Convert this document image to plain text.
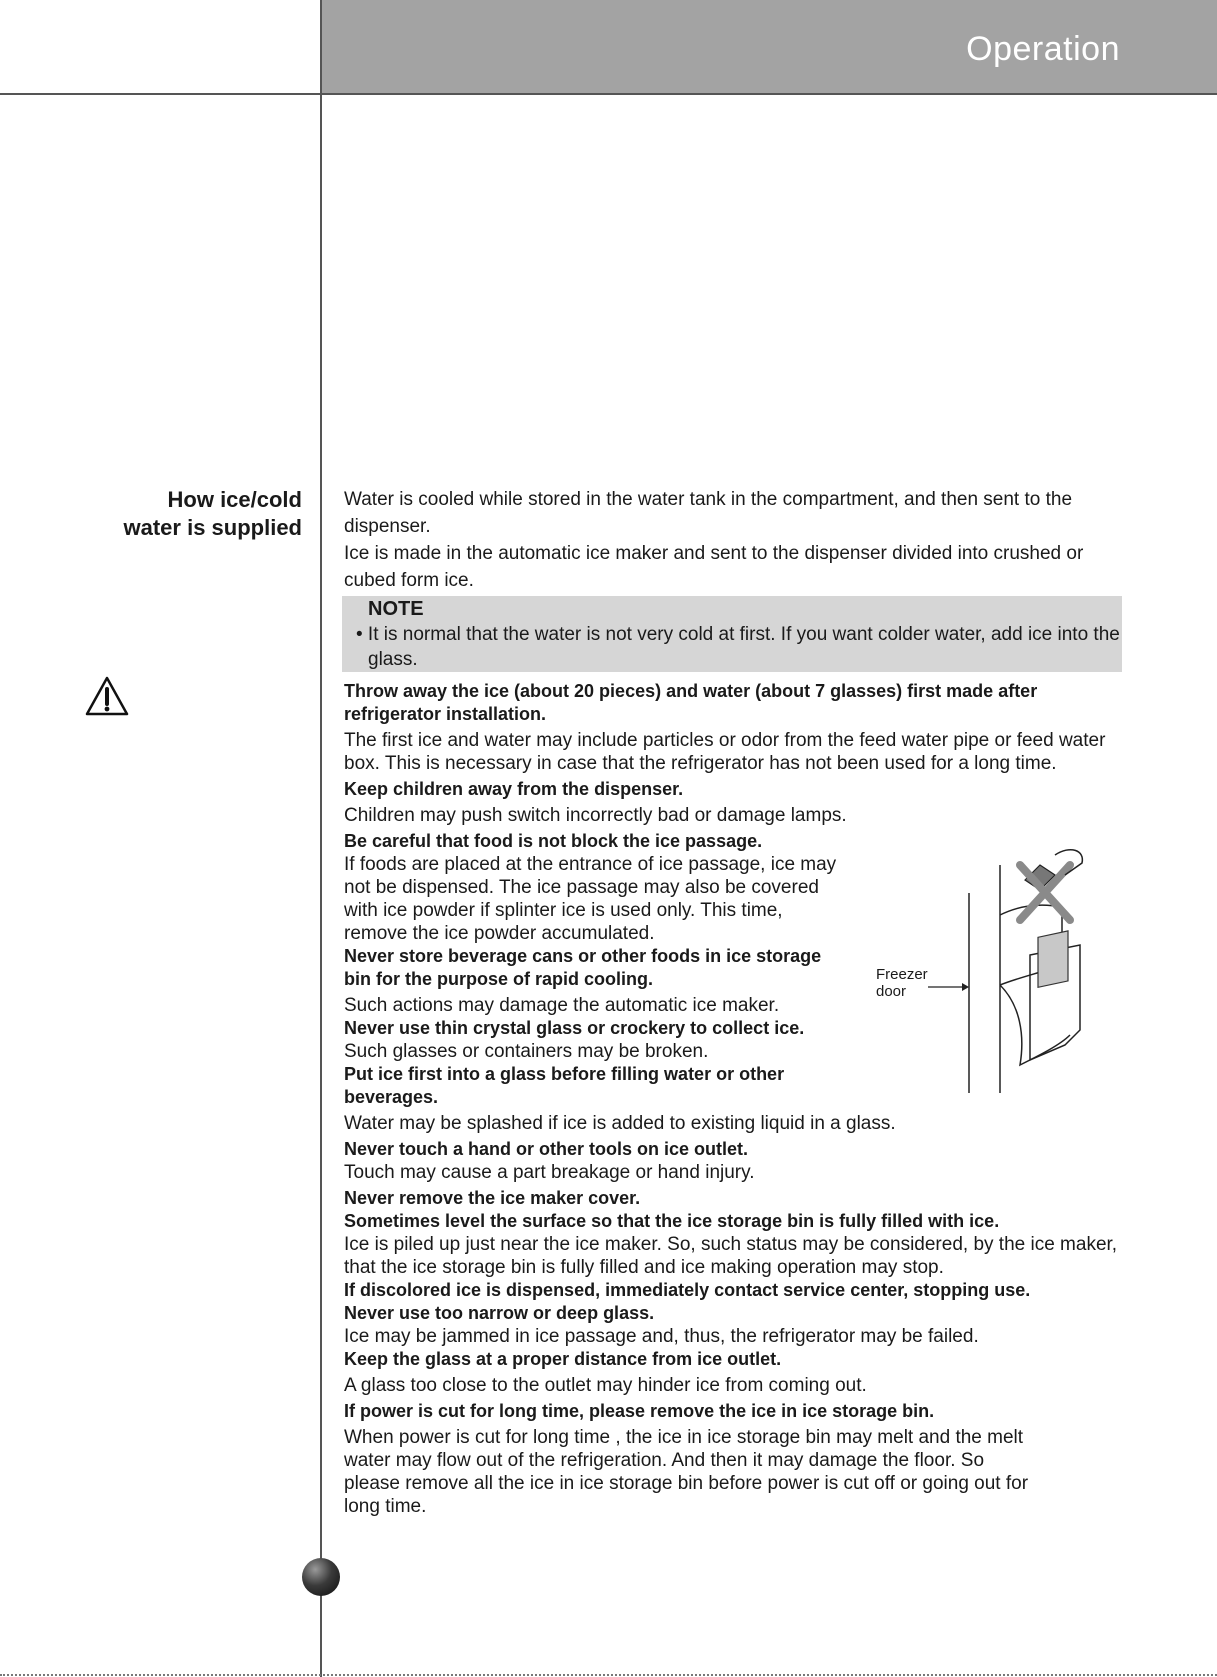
Operation
How ice/cold
water is supplied

Water is cooled while stored in the water tank in the compartment, and then sent to the dispenser.

Ice is made in the automatic ice maker and sent to the dispenser divided into crushed or cubed form ice.

NOTE
• It is normal that the water is not very cold at first. If you want colder water, add ice into the glass.

Throw away the ice (about 20 pieces) and water (about 7 glasses) first made after refrigerator installation.

The first ice and water may include particles or odor from the feed water pipe or feed water box. This is necessary in case that the refrigerator has not been used for a long time.

Keep children away from the dispenser.

Children may push switch incorrectly bad or damage lamps.

Be careful that food is not block the ice passage.

If foods are placed at the entrance of ice passage, ice may not be dispensed. The ice passage may also be covered with ice powder if splinter ice is used only. This time, remove the ice powder accumulated.

Never store beverage cans or other foods in ice storage bin for the purpose of rapid cooling.

Such actions may damage the automatic ice maker.

Never use thin crystal glass or crockery to collect ice.

Such glasses or containers may be broken.

Put ice first into a glass before filling water or other beverages.

Water may be splashed if ice is added to existing liquid in a glass.

Never touch a hand or other tools on ice outlet.

Touch may cause a part breakage or hand injury.

Never remove the ice maker cover.

Sometimes level the surface so that the ice storage bin is fully filled with ice.

Ice is piled up just near the ice maker. So, such status may be considered, by the ice maker, that the ice storage bin is fully filled and ice making operation may stop.

If discolored ice is dispensed, immediately contact service center, stopping use.

Never use too narrow or deep glass.

Ice may be jammed in ice passage and, thus, the refrigerator may be failed.

Keep the glass at a proper distance from ice outlet.

A glass too close to the outlet may hinder ice from coming out.

If power is cut for long time, please remove the ice in ice storage bin.

When power is cut for long time , the ice in ice storage bin may melt and the melt water may flow out of the refrigeration. And then it may damage the floor. So please remove all the ice in ice storage bin before power is cut off or going out for long time.

Freezer
door
